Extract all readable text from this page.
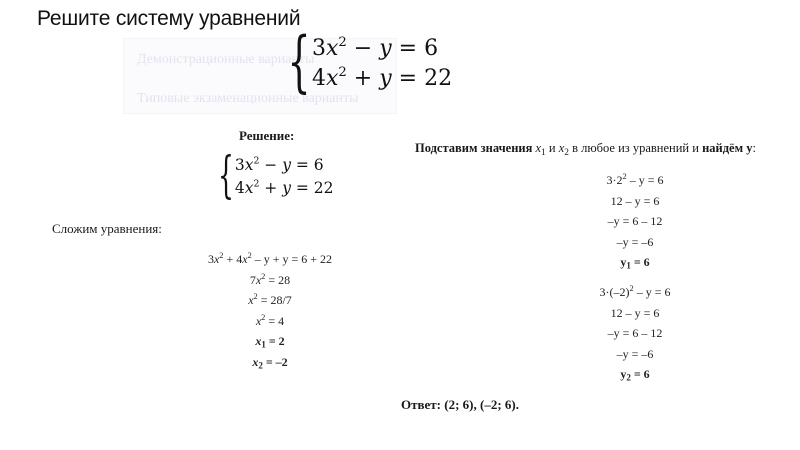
Решите систему уравнений
Демонстрационные варианты
Типовые экзаменационные варианты
{ $3x^2 - y = 6$
$4x^2 + y = 22$
Решение:
{ $3x^2 - y = 6$
$4x^2 + y = 22$
Сложим уравнения:
$3x^2 + 4x^2 - y + y = 6 + 22$
$7x^2 = 28$
$x^2 = 28/7$
$x^2 = 4$
$x_1 = 2$
$x_2 = -2$
Подставим значения $x_1$ и $x_2$ в любое из уравнений и найдём у:
$3\cdot 2^2 - y = 6$
12 – y = 6
–y = 6 – 12
–y = –6
$y_1 = 6$
$3\cdot(-2)^2 - y = 6$
12 – y = 6
–y = 6 – 12
–y = –6
$y_2 = 6$
Ответ: (2; 6), (–2; 6).
